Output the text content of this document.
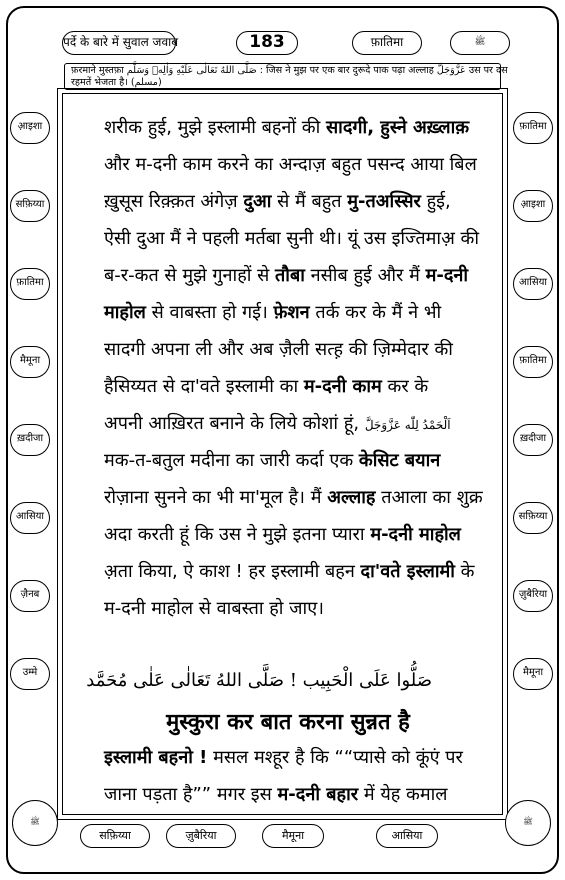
पर्दे के बारे में सुवाल जवाब	183	फ़ातिमा	ﷺ
फ़रमाने मुस्तफ़ा صَلَّى اللهُ تَعَالٰى عَلَيْهِ وَاٰلِهٖ وَسَلَّم : जिस ने मुझ पर एक बार दुरूदे पाक पढ़ा अल्लाह عَزَّوَجَلَّ उस पर दस
रहमतें भेजता है। (مسلم)
अ़ाइशा
सफ़िय्या
फ़ातिमा
मैमूना
ख़दीजा
आसिया
ज़ैनब
उम्मे
फ़ातिमा
अ़ाइशा
आसिया
फ़ातिमा
ख़दीजा
सफ़िय्या
ज़ुबैरिया
मैमूना
शरीक हुई, मुझे इस्लामी बहनों की सादगी, हुस्ने अख़्लाक़
और म-दनी काम करने का अन्दाज़ बहुत पसन्द आया बिल
ख़ुसूस रिक़्क़त अंगेज़ दुआ से मैं बहुत मु-तअस्सिर हुई,
ऐसी दुआ मैं ने पहली मर्तबा सुनी थी। यूं उस इज्तिमाअ़ की
ब-र-कत से मुझे गुनाहों से तौबा नसीब हुई और मैं म-दनी
माहोल से वाबस्ता हो गई। फ़ेशन तर्क कर के मैं ने भी
सादगी अपना ली और अब ज़ैली सत्ह़ की ज़िम्मेदार की
हैसिय्यत से दा'वते इस्लामी का म-दनी काम कर के
अपनी आख़िरत बनाने के लिये कोशां हूं, اَلْحَمْدُ لِلّٰه عَزَّوَجَلَّ
मक-त-बतुल मदीना का जारी कर्दा एक केसिट बयान
रोज़ाना सुनने का भी मा'मूल है। मैं अल्लाह तआला का शुक्र
अदा करती हूं कि उस ने मुझे इतना प्यारा म-दनी माहोल
अ़ता किया, ऐ काश ! हर इस्लामी बहन दा'वते इस्लामी के
म-दनी माहोल से वाबस्ता हो जाए।
صَلُّوا عَلَى الْحَبِيب ! صَلَّى اللهُ تَعَالٰى عَلٰى مُحَمَّد
मुस्कुरा कर बात करना सुन्नत है
इस्लामी बहनो ! मसल मश्हूर है कि ““प्यासे को कूंएं पर
जाना पड़ता है”” मगर इस म-दनी बहार में येह कमाल
ﷺ
सफ़िय्या	ज़ुबैरिया	मैमूना	आसिया
ﷺ
